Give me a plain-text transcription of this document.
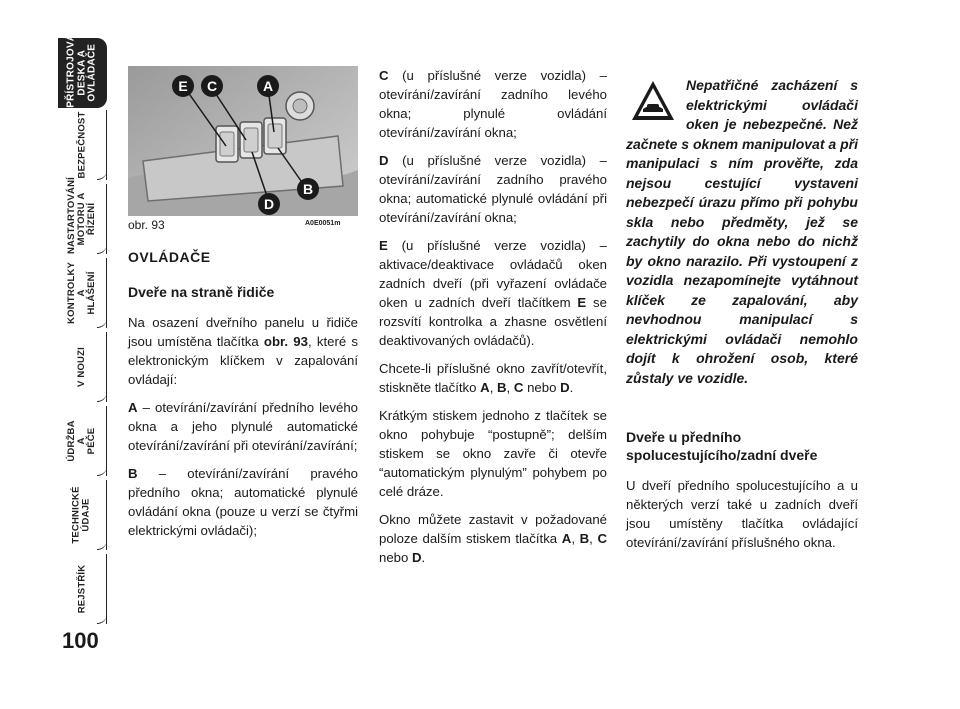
PŘÍSTROJOVÁ
DESKA A
OVLÁDAČE
BEZPEČNOST
NASTARTOVÁNÍ
MOTORU A
ŘÍZENÍ
KONTROLKY A
HLÁŠENÍ
V NOUZI
ÚDRŽBA A
PÉČE
TECHNICKÉ
ÚDAJE
REJSTŘÍK
100
E C	A
B
D
obr. 93	A0E0051m
OVLÁDAČE
Dveře na straně řidiče

Na osazení dveřního panelu u řidiče jsou umístěna tlačítka obr. 93, které s elektronickým klíčkem v zapalování ovládají:

A – otevírání/zavírání předního levého okna a jeho plynulé automatické otevírání/zavírání při otevírání/zavírání;

B – otevírání/zavírání pravého předního okna; automatické plynulé ovládání okna (pouze u verzí se čtyřmi elektrickými ovládači);

C (u příslušné verze vozidla) – otevírání/zavírání zadního levého okna; plynulé ovládání otevírání/zavírání okna;

D (u příslušné verze vozidla) – otevírání/zavírání zadního pravého okna; automatické plynulé ovládání při otevírání/zavírání okna;

E (u příslušné verze vozidla) – aktivace/deaktivace ovládačů oken zadních dveří (při vyřazení ovládače oken u zadních dveří tlačítkem E se rozsvítí kontrolka a zhasne osvětlení deaktivovaných ovládačů).

Chcete-li příslušné okno zavřít/otevřít, stiskněte tlačítko A, B, C nebo D.

Krátkým stiskem jednoho z tlačítek se okno pohybuje “postupně”; delším stiskem se okno zavře či otevře “automatickým plynulým” pohybem po celé dráze.

Okno můžete zastavit v požadované poloze dalším stiskem tlačítka A, B, C nebo D.

Nepatřičné zacházení s elektrickými ovládači oken je nebezpečné. Než začnete s oknem manipulovat a při manipulaci s ním prověřte, zda nejsou cestující vystaveni nebezpečí úrazu přímo při pohybu skla nebo předměty, jež se zachytily do okna nebo do nichž by okno narazilo. Při vystoupení z vozidla nezapomínejte vytáhnout klíček ze zapalování, aby nevhodnou manipulací s elektrickými ovládači nemohlo dojít k ohrožení osob, které zůstaly ve vozidle.
Dveře u předního spolucestujícího/zadní dveře

U dveří předního spolucestujícího a u některých verzí také u zadních dveří jsou umístěny tlačítka ovládající otevírání/zavírání příslušného okna.
